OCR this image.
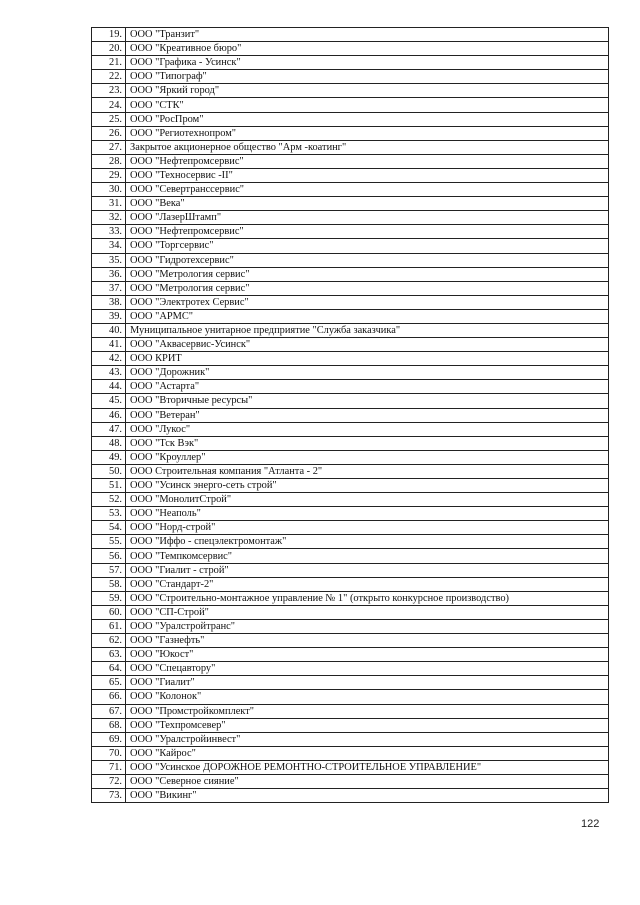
19.	ООО "Транзит"
20.	ООО "Креативное бюро"
21.	ООО "Графика - Усинск"
22.	ООО "Типограф"
23.	ООО "Яркий город"
24.	ООО "СТК"
25.	ООО "РосПром"
26.	ООО "Региотехнопром"
27.	Закрытое акционерное общество "Арм -коатинг"
28.	ООО "Нефтепромсервис"
29.	ООО "Техносервис -II"
30.	ООО "Севертранссервис"
31.	ООО "Века"
32.	ООО "ЛазерШтамп"
33.	ООО "Нефтепромсервис"
34.	ООО "Торгсервис"
35.	ООО "Гидротехсервис"
36.	ООО "Метрология сервис"
37.	ООО "Метрология сервис"
38.	ООО "Электротех Сервис"
39.	ООО "АРМС"
40.	Муниципальное унитарное предприятие "Служба заказчика"
41.	ООО "Аквасервис-Усинск"
42.	ООО КРИТ
43.	ООО "Дорожник"
44.	ООО "Астарта"
45.	ООО "Вторичные ресурсы"
46.	ООО "Ветеран"
47.	ООО "Лукос"
48.	ООО "Тск Вэк"
49.	ООО "Кроуллер"
50.	ООО Строительная компания "Атланта - 2"
51.	ООО "Усинск энерго-сеть строй"
52.	ООО "МонолитСтрой"
53.	ООО "Неаполь"
54.	ООО "Норд-строй"
55.	ООО "Иффо - спецэлектромонтаж"
56.	ООО "Темпкомсервис"
57.	ООО "Гиалит - строй"
58.	ООО "Стандарт-2"
59.	ООО "Строительно-монтажное управление № 1" (открыто конкурсное производство)
60.	ООО "СП-Строй"
61.	ООО "Уралстройтранс"
62.	ООО "Газнефть"
63.	ООО "Юкост"
64.	ООО "Спецавтору"
65.	ООО "Гиалит"
66.	ООО "Колонок"
67.	ООО "Промстройкомплект"
68.	ООО "Техпромсевер"
69.	ООО "Уралстройинвест"
70.	ООО "Кайрос"
71.	ООО "Усинское ДОРОЖНОЕ РЕМОНТНО-СТРОИТЕЛЬНОЕ УПРАВЛЕНИЕ"
72.	ООО "Северное сияние"
73.	ООО "Викинг"
122
